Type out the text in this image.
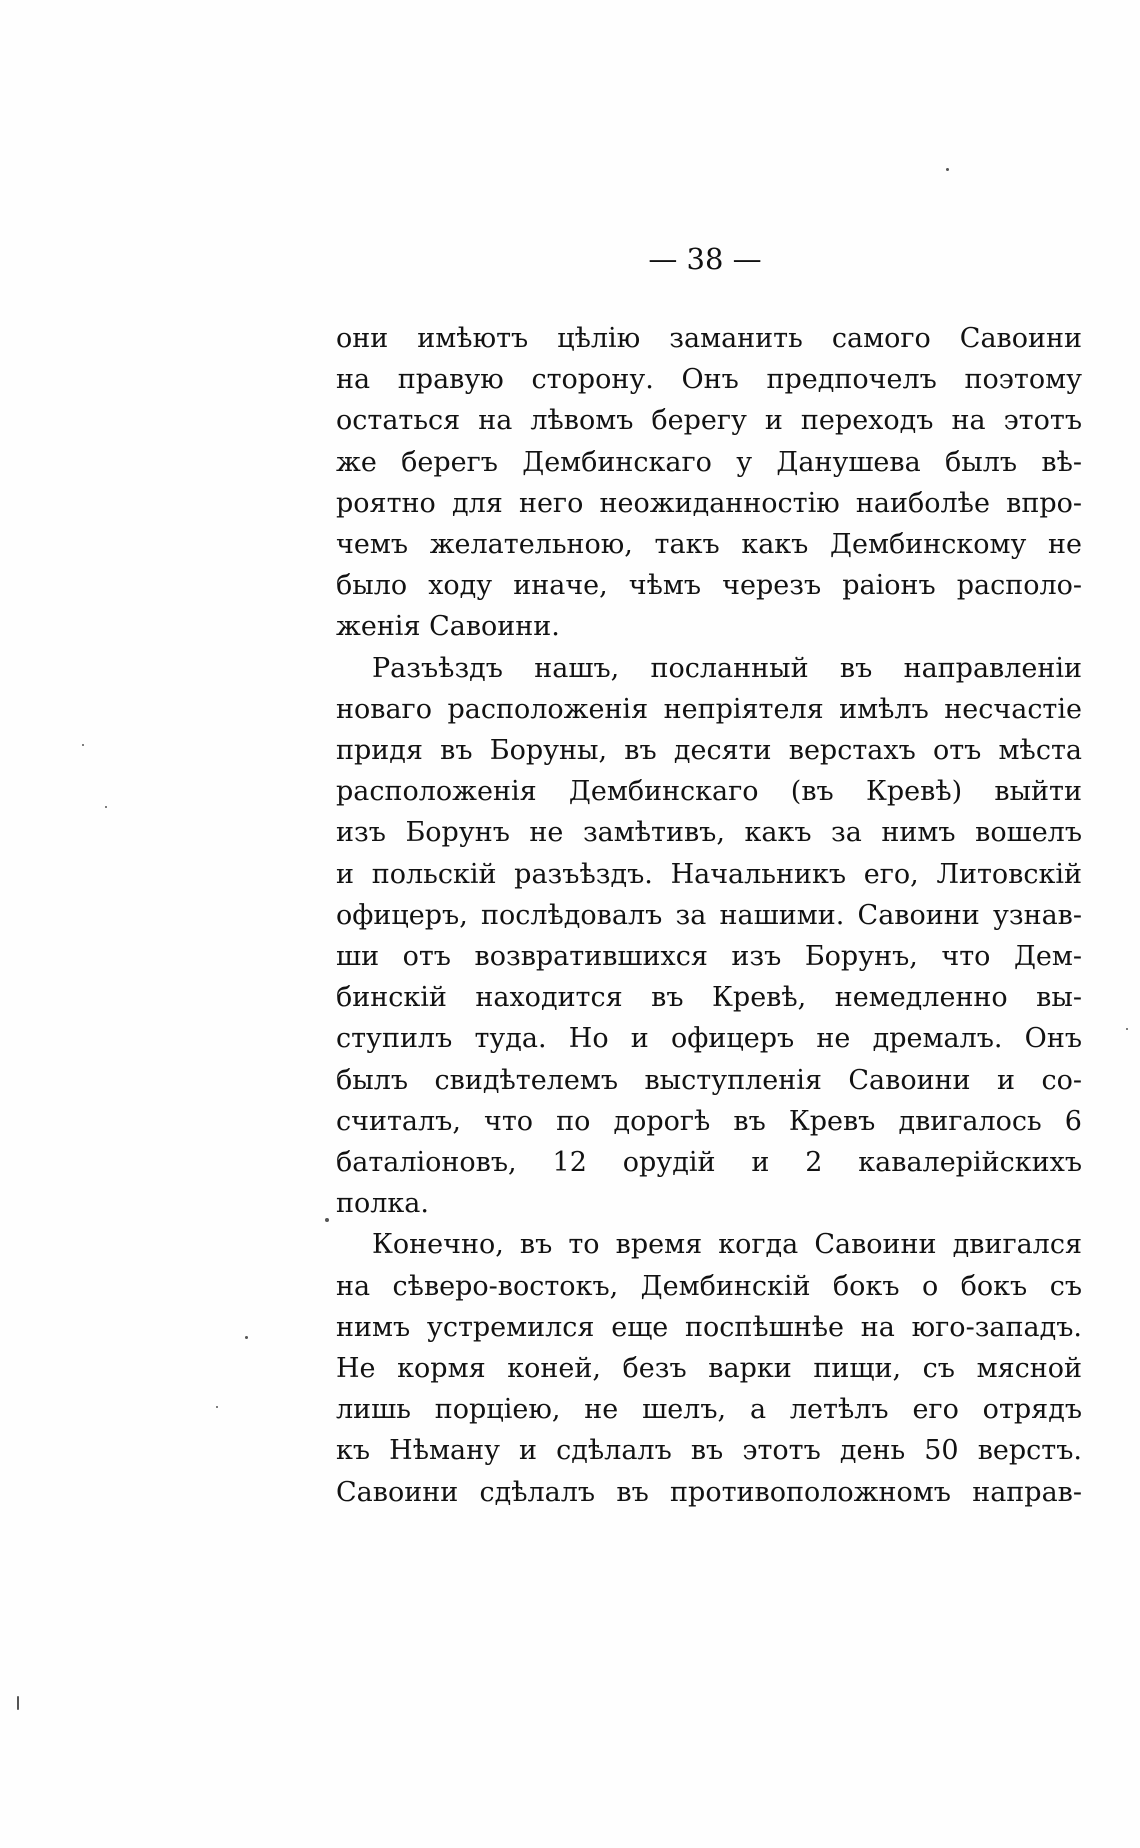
— 38 —

они имѣютъ цѣлію заманить самого Савоини
на правую сторону. Онъ предпочелъ поэтому
остаться на лѣвомъ берегу и переходъ на этотъ
же берегъ Дембинскаго у Данушева былъ вѣ-
роятно для него неожиданностію наиболѣе впро-
чемъ желательною, такъ какъ Дембинскому не
было ходу иначе, чѣмъ черезъ раіонъ располо-
женія Савоини.

Разъѣздъ нашъ, посланный въ направленіи
новаго расположенія непріятеля имѣлъ несчастіе
придя въ Боруны, въ десяти верстахъ отъ мѣста
расположенія Дембинскаго (въ Кревѣ) выйти
изъ Борунъ не замѣтивъ, какъ за нимъ вошелъ
и польскій разъѣздъ. Начальникъ его, Литовскій
офицеръ, послѣдовалъ за нашими. Савоини узнав-
ши отъ возвратившихся изъ Борунъ, что Дем-
бинскій находится въ Кревѣ, немедленно вы-
ступилъ туда. Но и офицеръ не дремалъ. Онъ
былъ свидѣтелемъ выступленія Савоини и со-
считалъ, что по дорогѣ въ Кревъ двигалось 6
баталіоновъ, 12 орудій и 2 кавалерійскихъ
полка.

Конечно, въ то время когда Савоини двигался
на сѣверо-востокъ, Дембинскій бокъ о бокъ съ
нимъ устремился еще поспѣшнѣе на юго-западъ.
Не кормя коней, безъ варки пищи, съ мясной
лишь порціею, не шелъ, а летѣлъ его отрядъ
къ Нѣману и сдѣлалъ въ этотъ день 50 верстъ.
Савоини сдѣлалъ въ противоположномъ направ-
